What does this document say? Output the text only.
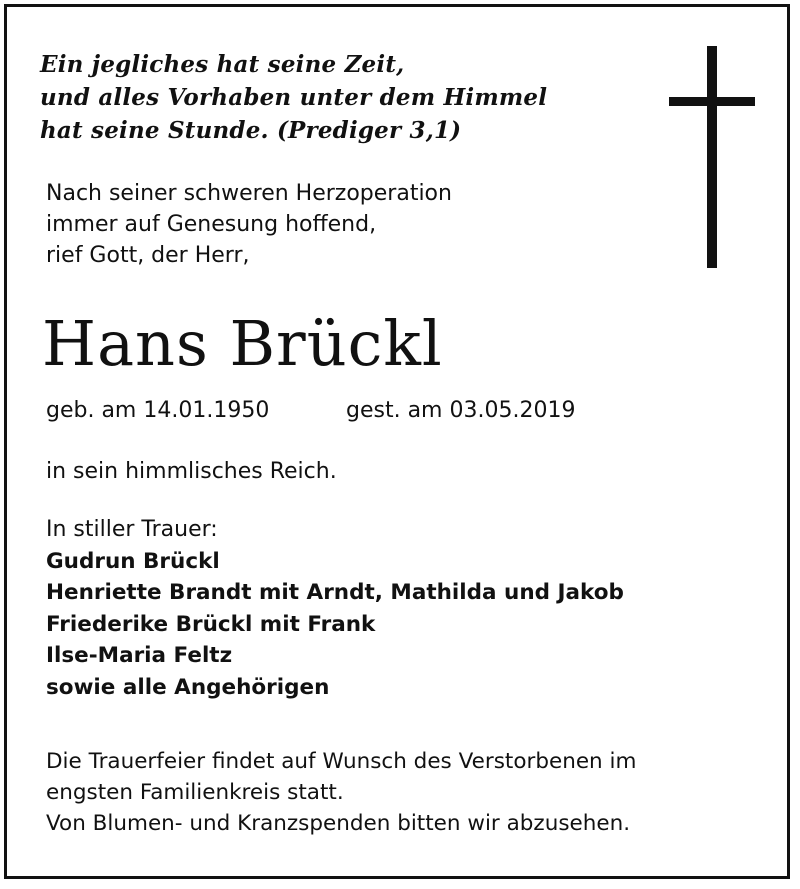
Ein jegliches hat seine Zeit,
und alles Vorhaben unter dem Himmel
hat seine Stunde. (Prediger 3,1)
Nach seiner schweren Herzoperation
immer auf Genesung hoffend,
rief Gott, der Herr,
Hans Brückl
geb. am 14.01.1950	gest. am 03.05.2019
in sein himmlisches Reich.
In stiller Trauer:
Gudrun Brückl
Henriette Brandt mit Arndt, Mathilda und Jakob
Friederike Brückl mit Frank
Ilse-Maria Feltz
sowie alle Angehörigen
Die Trauerfeier findet auf Wunsch des Verstorbenen im
engsten Familienkreis statt.
Von Blumen- und Kranzspenden bitten wir abzusehen.
